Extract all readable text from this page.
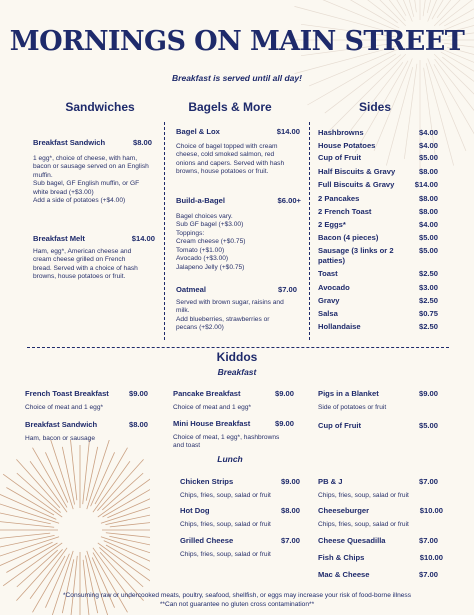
MORNINGS ON MAIN STREET
Breakfast is served until all day!
Sandwiches	Bagels & More	Sides
Breakfast Sandwich	$8.00
1 egg*, choice of cheese, with ham,
bacon or sausage served on an English
muffin.
Sub bagel, GF English muffin, or GF
white bread (+$3.00)
Add a side of potatoes (+$4.00)
Breakfast Melt	$14.00
Ham, egg*, American cheese and
cream cheese grilled on French
bread. Served with a choice of hash
browns, house potatoes or fruit.
Bagel & Lox	$14.00
Choice of bagel topped with cream
cheese, cold smoked salmon, red
onions and capers. Served with hash
browns, house potatoes or fruit.
Build-a-Bagel	$6.00+
Bagel choices vary.
Sub GF bagel (+$3.00)
Toppings:
Cream cheese (+$0.75)
Tomato (+$1.00)
Avocado (+$3.00)
Jalapeno Jelly (+$0.75)
Oatmeal	$7.00
Served with brown sugar, raisins and
milk.
Add blueberries, strawberries or
pecans (+$2.00)
Hashbrowns	$4.00
House Potatoes	$4.00
Cup of Fruit	$5.00
Half Biscuits & Gravy	$8.00
Full Biscuits & Gravy	$14.00
2 Pancakes	$8.00
2 French Toast	$8.00
2 Eggs*	$4.00
Bacon (4 pieces)	$5.00
Sausage (3 links or 2
patties)
$5.00
Toast	$2.50
Avocado	$3.00
Gravy	$2.50
Salsa	$0.75
Hollandaise	$2.50
Kiddos
Breakfast
French Toast Breakfast	$9.00
Choice of meat and 1 egg*
Breakfast Sandwich	$8.00
Ham, bacon or sausage
Pancake Breakfast	$9.00
Choice of meat and 1 egg*
Mini House Breakfast	$9.00
Choice of meat, 1 egg*, hashbrowns
and toast
Pigs in a Blanket	$9.00
Side of potatoes or fruit
Cup of Fruit	$5.00
Lunch
Chicken Strips	$9.00
Chips, fries, soup, salad or fruit
Hot Dog	$8.00
Chips, fries, soup, salad or fruit
Grilled Cheese	$7.00
Chips, fries, soup, salad or fruit
PB & J	$7.00
Chips, fries, soup, salad or fruit
Cheeseburger	$10.00
Chips, fries, soup, salad or fruit
Cheese Quesadilla	$7.00
Fish & Chips	$10.00
Mac & Cheese	$7.00
*Consuming raw or undercooked meats, poultry, seafood, shellfish, or eggs may increase your risk of food-borne illness
**Can not guarantee no gluten cross contamination**
